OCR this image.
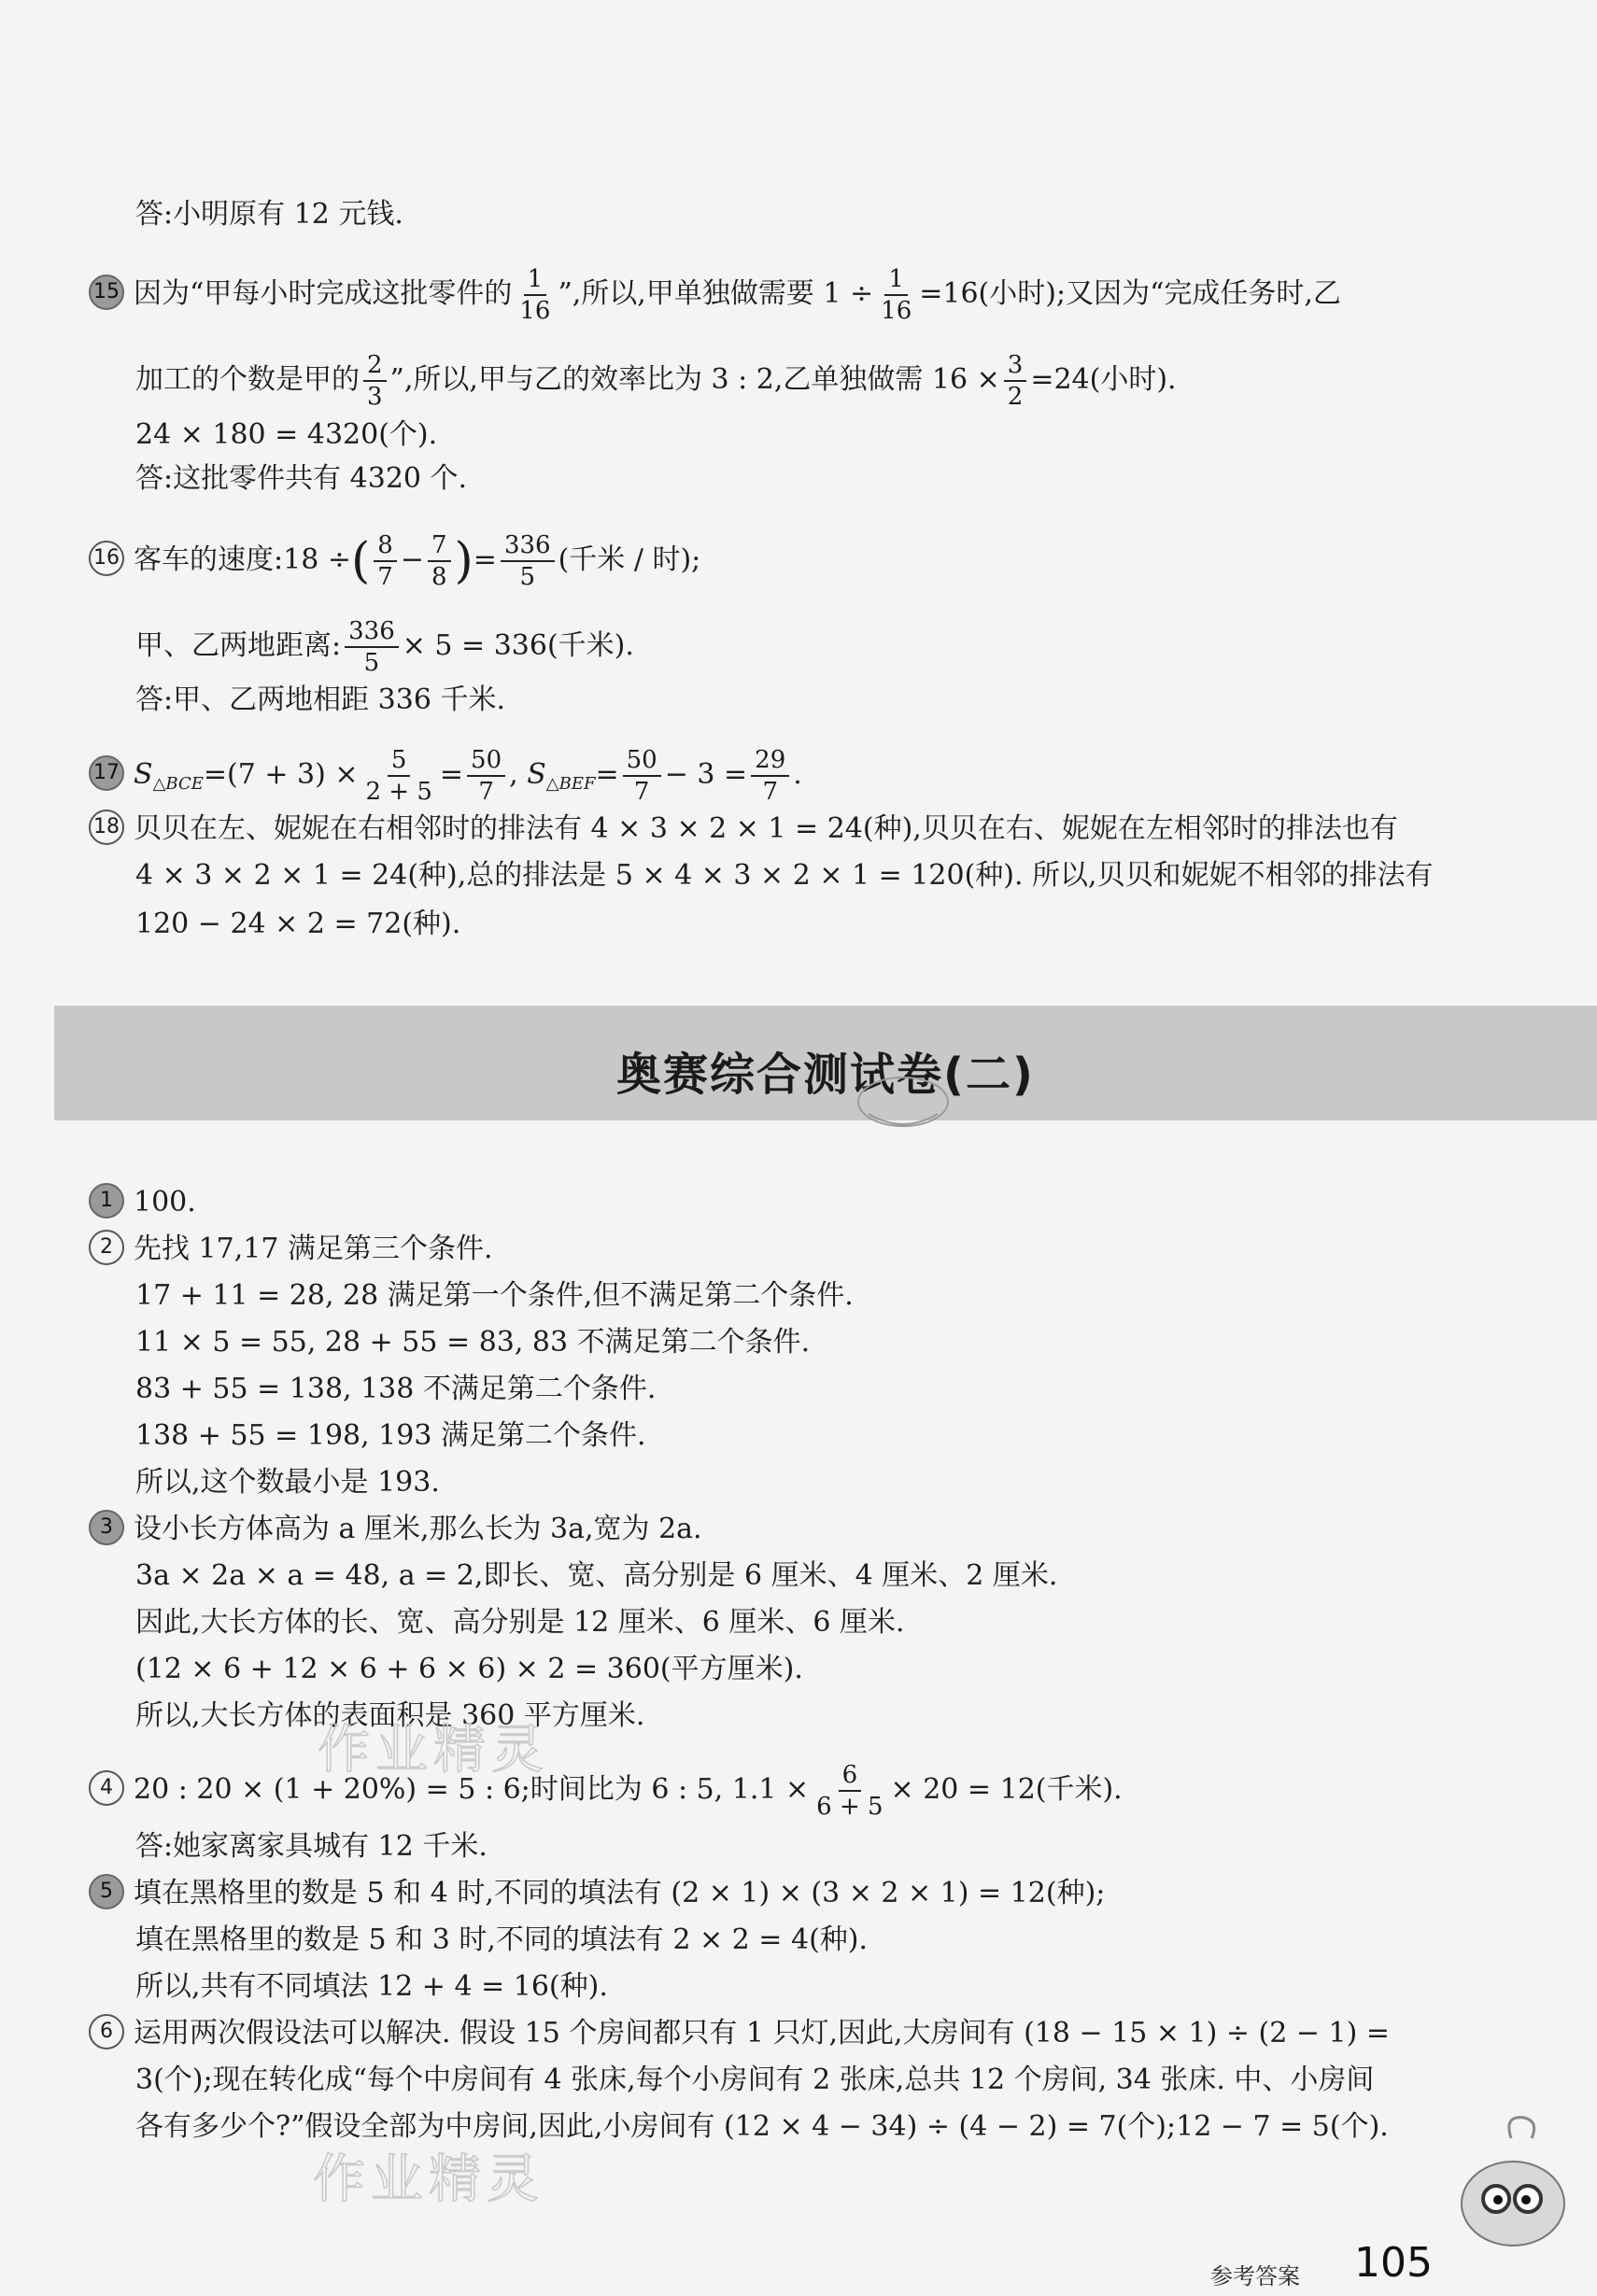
答:小明原有 12 元钱.
15 因为“甲每小时完成这批零件的 $\frac{1}{16}$ ”,所以,甲单独做需要 $1 \div \frac{1}{16} =16$(小时);又因为“完成任务时,乙
加工的个数是甲的 $\frac{2}{3}$ ”,所以,甲与乙的效率比为 3 : 2,乙单独做需 $16 \times \frac{3}{2} =24$(小时).
24 × 180 = 4320(个).
答:这批零件共有 4320 个.
16 客车的速度:18 ÷( $\frac{8}{7} - \frac{7}{8}$ )= $\frac{336}{5}$ (千米 / 时);
甲、乙两地距离: $\frac{336}{5} \times 5 = 336$(千米).
答:甲、乙两地相距 336 千米.
17 $S_{\triangle BCE}=(7 + 3) \times \frac{5}{2 + 5} = \frac{50}{7}$ , $S_{\triangle BEF}= \frac{50}{7} - 3 = \frac{29}{7}$ .
18 贝贝在左、妮妮在右相邻时的排法有 4 × 3 × 2 × 1 = 24(种),贝贝在右、妮妮在左相邻时的排法也有
4 × 3 × 2 × 1 = 24(种),总的排法是 5 × 4 × 3 × 2 × 1 = 120(种). 所以,贝贝和妮妮不相邻的排法有
120 − 24 × 2 = 72(种).
奥赛综合测试卷(二)
1 100.
2 先找 17,17 满足第三个条件.
17 + 11 = 28, 28 满足第一个条件,但不满足第二个条件.
11 × 5 = 55, 28 + 55 = 83, 83 不满足第二个条件.
83 + 55 = 138, 138 不满足第二个条件.
138 + 55 = 198, 193 满足第二个条件.
所以,这个数最小是 193.
3 设小长方体高为 a 厘米,那么长为 3a,宽为 2a.
3a × 2a × a = 48, a = 2,即长、宽、高分别是 6 厘米、4 厘米、2 厘米.
因此,大长方体的长、宽、高分别是 12 厘米、6 厘米、6 厘米.
(12 × 6 + 12 × 6 + 6 × 6) × 2 = 360(平方厘米).
所以,大长方体的表面积是 360 平方厘米.
4 20 : 20 × (1 + 20%) = 5 : 6;时间比为 6 : 5, $1.1 \times \frac{6}{6 + 5} \times 20 = 12$(千米).
答:她家离家具城有 12 千米.
5 填在黑格里的数是 5 和 4 时,不同的填法有 (2 × 1) × (3 × 2 × 1) = 12(种);
填在黑格里的数是 5 和 3 时,不同的填法有 2 × 2 = 4(种).
所以,共有不同填法 12 + 4 = 16(种).
6 运用两次假设法可以解决. 假设 15 个房间都只有 1 只灯,因此,大房间有 (18 − 15 × 1) ÷ (2 − 1) =
3(个);现在转化成“每个中房间有 4 张床,每个小房间有 2 张床,总共 12 个房间, 34 张床. 中、小房间
各有多少个?”假设全部为中房间,因此,小房间有 (12 × 4 − 34) ÷ (4 − 2) = 7(个);12 − 7 = 5(个).
作业精灵
作业精灵
参考答案 105
